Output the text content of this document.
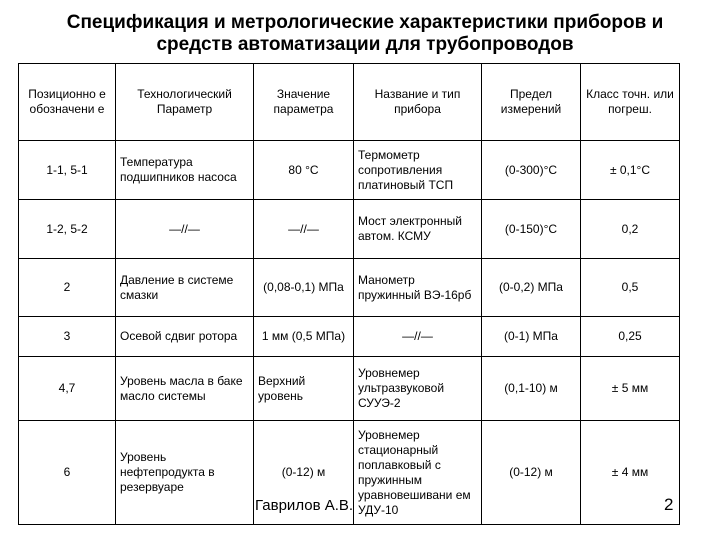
Спецификация и метрологические характеристики приборов и средств автоматизации для трубопроводов
Позиционно е обозначени е	Технологический Параметр	Значение параметра	Название и тип прибора	Предел измерений	Класс точн. или погреш.
1-1, 5-1	Температура подшипников насоса	80 °С	Термометр сопротивления платиновый ТСП	(0-300)°С	± 0,1°С
1-2, 5-2	—//—	—//—	Мост электронный автом. КСМУ	(0-150)°С	0,2
2	Давление в системе смазки	(0,08-0,1) МПа	Манометр пружинный ВЭ-16рб	(0-0,2) МПа	0,5
3	Осевой сдвиг ротора	1 мм (0,5 МПа)	—//—	(0-1) МПа	0,25
4,7	Уровень масла в баке масло системы	Верхний уровень	Уровнемер ультразвуковой СУУЭ-2	(0,1-10) м	± 5 мм
6	Уровень нефтепродукта в резервуаре	(0-12) м	Уровнемер стационарный поплавковый с пружинным уравновешивани ем УДУ-10	(0-12) м	± 4 мм
Гаврилов А.В.	2
